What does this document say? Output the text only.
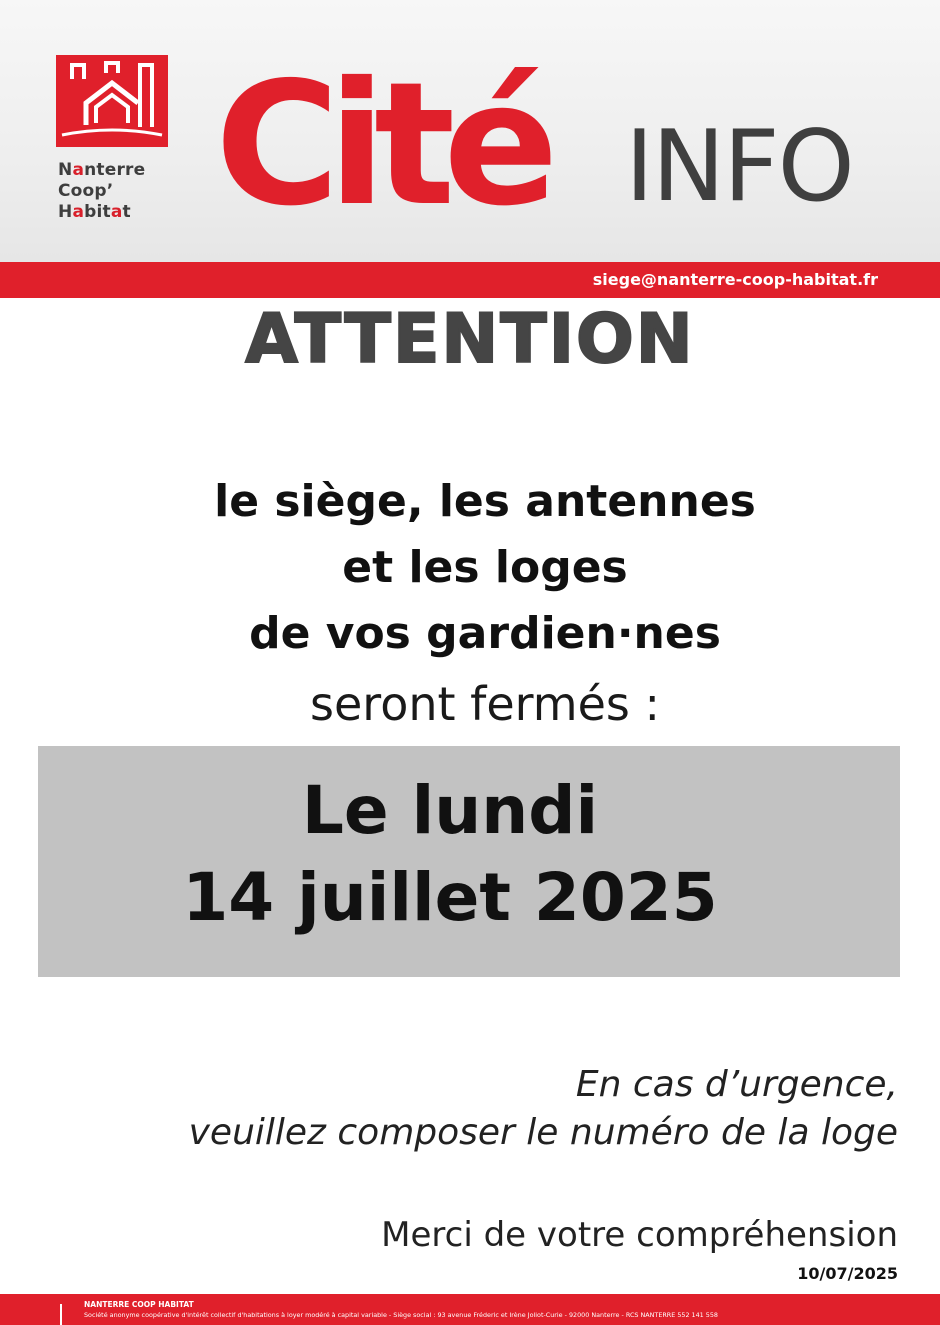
Nanterre
Coop’
Habitat Cité INFO
siege@nanterre-coop-habitat.fr
ATTENTION
le siège, les antennes
et les loges
de vos gardien·nes
seront fermés :
Le lundi
14 juillet 2025
En cas d’urgence,
veuillez composer le numéro de la loge
Merci de votre compréhension
10/07/2025
NANTERRE COOP HABITAT
Société anonyme coopérative d'intérêt collectif d'habitations à loyer modéré à capital variable - Siège social : 93 avenue Fréderic et Irène Joliot-Curie - 92000 Nanterre - RCS NANTERRE 552 141 558
